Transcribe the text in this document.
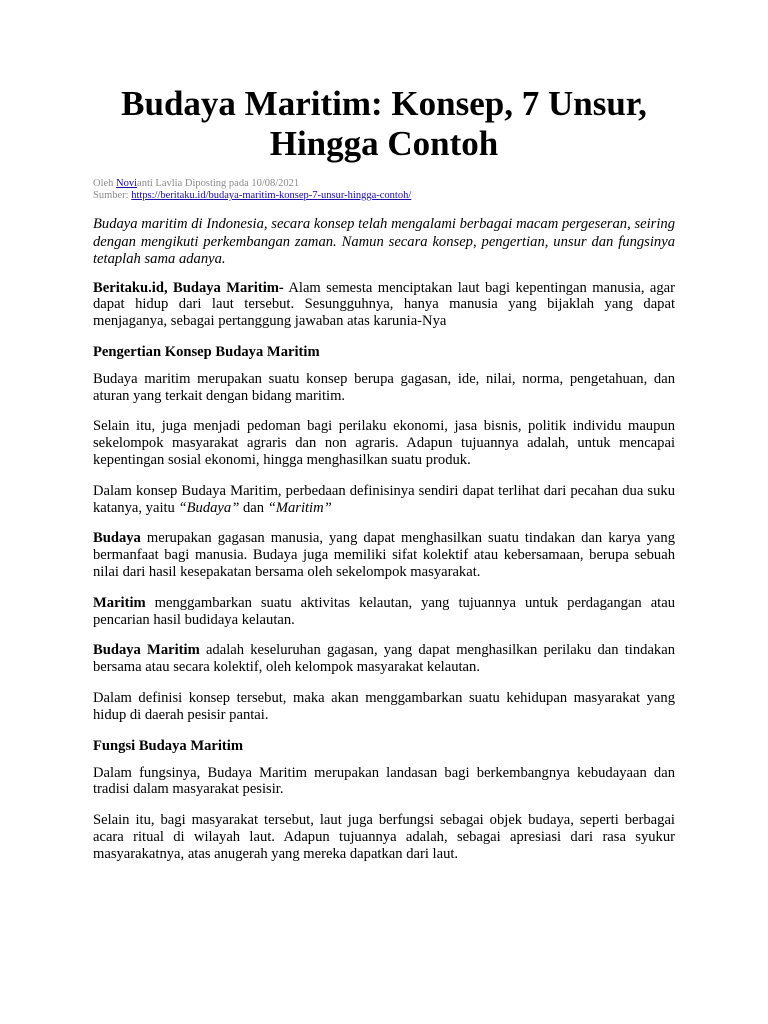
Budaya Maritim: Konsep, 7 Unsur,
Hingga Contoh
Oleh Novianti Lavlia Diposting pada 10/08/2021
Sumber: https://beritaku.id/budaya-maritim-konsep-7-unsur-hingga-contoh/

Budaya maritim di Indonesia, secara konsep telah mengalami berbagai macam pergeseran, seiring dengan mengikuti perkembangan zaman. Namun secara konsep, pengertian, unsur dan fungsinya tetaplah sama adanya.

Beritaku.id, Budaya Maritim- Alam semesta menciptakan laut bagi kepentingan manusia, agar dapat hidup dari laut tersebut. Sesungguhnya, hanya manusia yang bijaklah yang dapat menjaganya, sebagai pertanggung jawaban atas karunia-Nya

Pengertian Konsep Budaya Maritim

Budaya maritim merupakan suatu konsep berupa gagasan, ide, nilai, norma, pengetahuan, dan aturan yang terkait dengan bidang maritim.

Selain itu, juga menjadi pedoman bagi perilaku ekonomi, jasa bisnis, politik individu maupun sekelompok masyarakat agraris dan non agraris. Adapun tujuannya adalah, untuk mencapai kepentingan sosial ekonomi, hingga menghasilkan suatu produk.

Dalam konsep Budaya Maritim, perbedaan definisinya sendiri dapat terlihat dari pecahan dua suku katanya, yaitu “Budaya” dan “Maritim”

Budaya merupakan gagasan manusia, yang dapat menghasilkan suatu tindakan dan karya yang bermanfaat bagi manusia. Budaya juga memiliki sifat kolektif atau kebersamaan, berupa sebuah nilai dari hasil kesepakatan bersama oleh sekelompok masyarakat.

Maritim menggambarkan suatu aktivitas kelautan, yang tujuannya untuk perdagangan atau pencarian hasil budidaya kelautan.

Budaya Maritim adalah keseluruhan gagasan, yang dapat menghasilkan perilaku dan tindakan bersama atau secara kolektif, oleh kelompok masyarakat kelautan.

Dalam definisi konsep tersebut, maka akan menggambarkan suatu kehidupan masyarakat yang hidup di daerah pesisir pantai.

Fungsi Budaya Maritim

Dalam fungsinya, Budaya Maritim merupakan landasan bagi berkembangnya kebudayaan dan tradisi dalam masyarakat pesisir.

Selain itu, bagi masyarakat tersebut, laut juga berfungsi sebagai objek budaya, seperti berbagai acara ritual di wilayah laut. Adapun tujuannya adalah, sebagai apresiasi dari rasa syukur masyarakatnya, atas anugerah yang mereka dapatkan dari laut.
